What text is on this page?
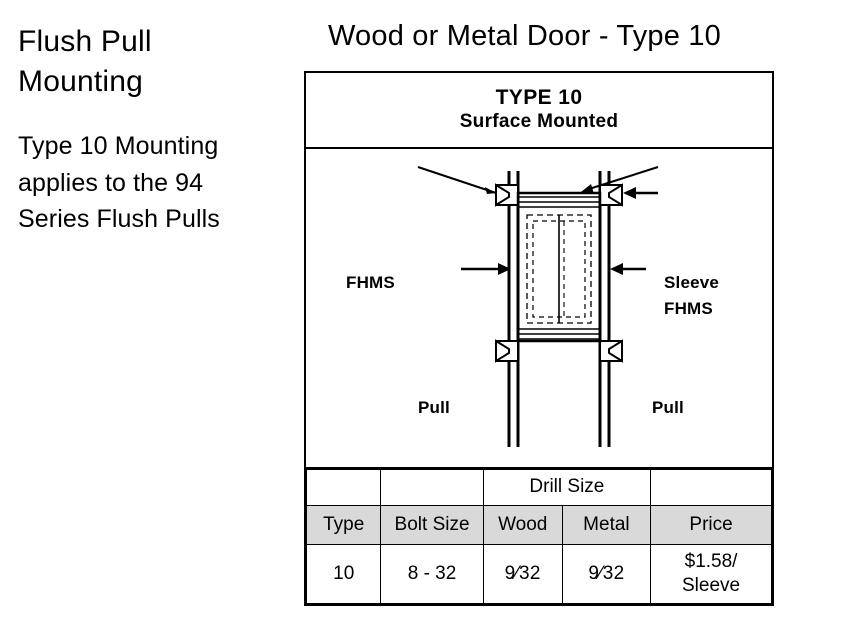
Flush Pull
Mounting
Type 10 Mounting applies to the 94 Series Flush Pulls
Wood or Metal Door - Type 10
TYPE 10
Surface Mounted
FHMS
Pull
Sleeve
FHMS
Pull
		Drill Size		
Type	Bolt Size	Wood	Metal	Price
10	8 - 32	9⁄32	9⁄32	$1.58/
Sleeve
